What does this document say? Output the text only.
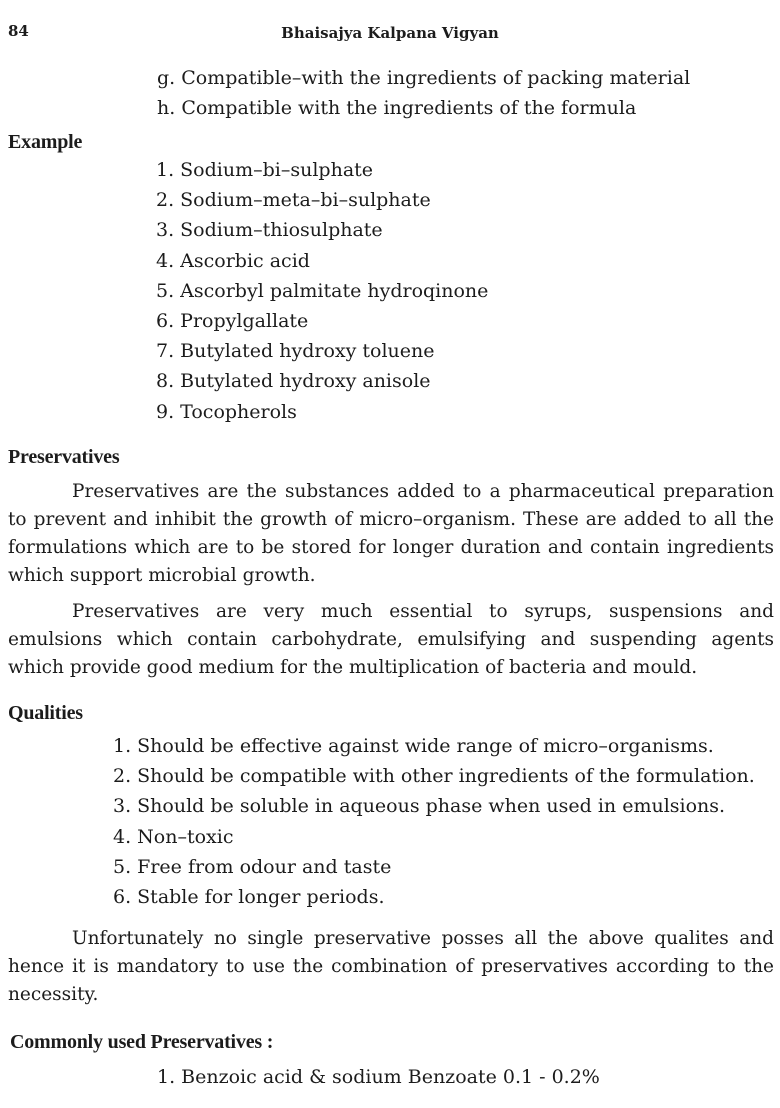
84	Bhaisajya Kalpana Vigyan
g. Compatible–with the ingredients of packing material
h. Compatible with the ingredients of the formula
Example
1. Sodium–bi–sulphate
2. Sodium–meta–bi–sulphate
3. Sodium–thiosulphate
4. Ascorbic acid
5. Ascorbyl palmitate hydroqinone
6. Propylgallate
7. Butylated hydroxy toluene
8. Butylated hydroxy anisole
9. Tocopherols
Preservatives
Preservatives are the substances added to a pharmaceutical preparation to prevent and inhibit the growth of micro–organism. These are added to all the formulations which are to be stored for longer duration and contain ingredients which support microbial growth.
Preservatives are very much essential to syrups, suspensions and emulsions which contain carbohydrate, emulsifying and suspending agents which provide good medium for the multiplication of bacteria and mould.
Qualities
1. Should be effective against wide range of micro–organisms.
2. Should be compatible with other ingredients of the formulation.
3. Should be soluble in aqueous phase when used in emulsions.
4. Non–toxic
5. Free from odour and taste
6. Stable for longer periods.
Unfortunately no single preservative posses all the above qualites and hence it is mandatory to use the combination of preservatives according to the necessity.
Commonly used Preservatives :
1. Benzoic acid & sodium Benzoate 0.1 - 0.2%
